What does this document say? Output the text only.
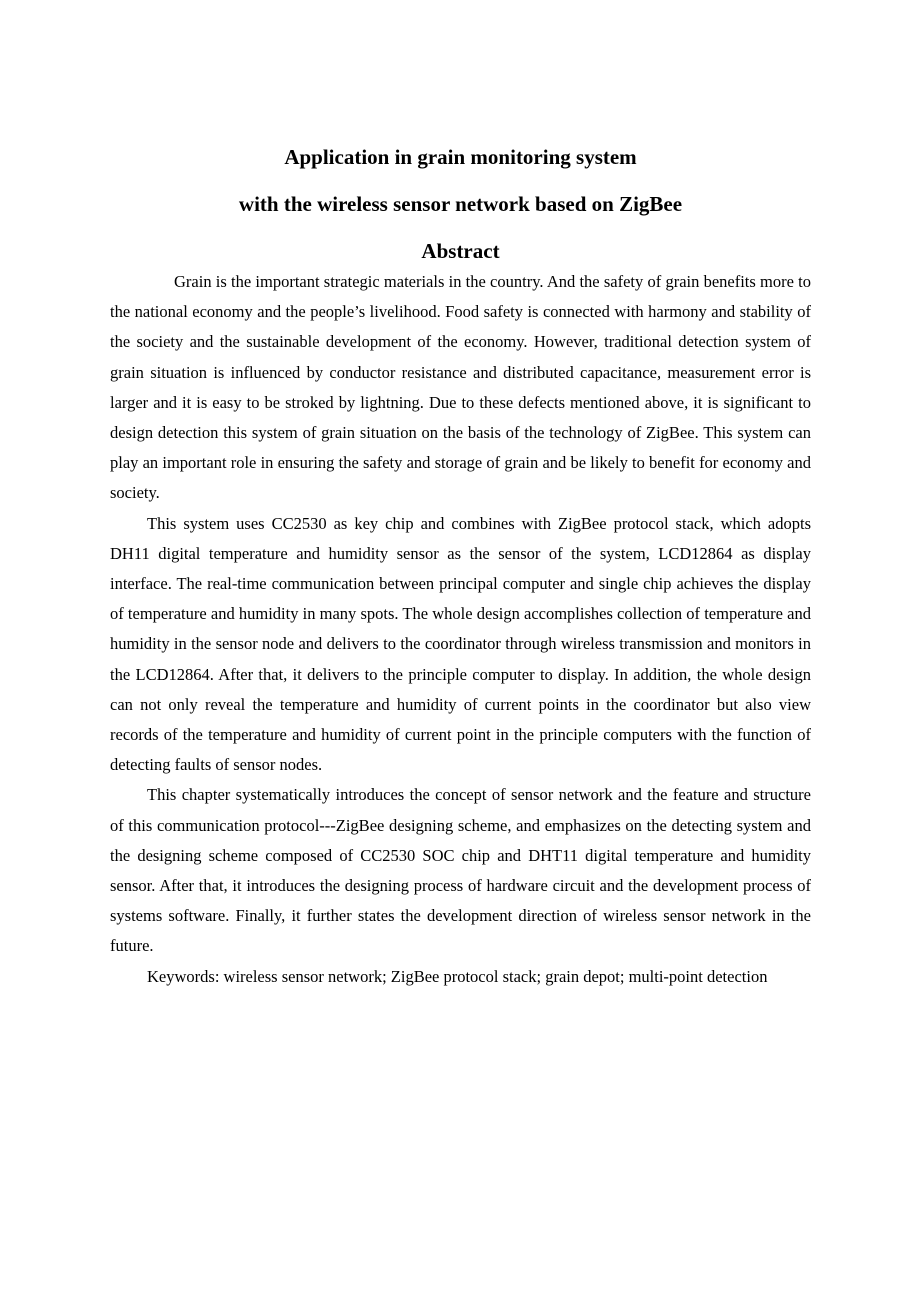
Application in grain monitoring system
with the wireless sensor network based on ZigBee
Abstract

Grain is the important strategic materials in the country. And the safety of grain benefits more to the national economy and the people’s livelihood. Food safety is connected with harmony and stability of the society and the sustainable development of the economy. However, traditional detection system of grain situation is influenced by conductor resistance and distributed capacitance, measurement error is larger and it is easy to be stroked by lightning. Due to these defects mentioned above, it is significant to design detection this system of grain situation on the basis of the technology of ZigBee. This system can play an important role in ensuring the safety and storage of grain and be likely to benefit for economy and society.

This system uses CC2530 as key chip and combines with ZigBee protocol stack, which adopts DH11 digital temperature and humidity sensor as the sensor of the system, LCD12864 as display interface. The real-time communication between principal computer and single chip achieves the display of temperature and humidity in many spots. The whole design accomplishes collection of temperature and humidity in the sensor node and delivers to the coordinator through wireless transmission and monitors in the LCD12864. After that, it delivers to the principle computer to display. In addition, the whole design can not only reveal the temperature and humidity of current points in the coordinator but also view records of the temperature and humidity of current point in the principle computers with the function of detecting faults of sensor nodes.

This chapter systematically introduces the concept of sensor network and the feature and structure of this communication protocol---ZigBee designing scheme, and emphasizes on the detecting system and the designing scheme composed of CC2530 SOC chip and DHT11 digital temperature and humidity sensor. After that, it introduces the designing process of hardware circuit and the development process of systems software. Finally, it further states the development direction of wireless sensor network in the future.

Keywords: wireless sensor network; ZigBee protocol stack; grain depot; multi-point detection
